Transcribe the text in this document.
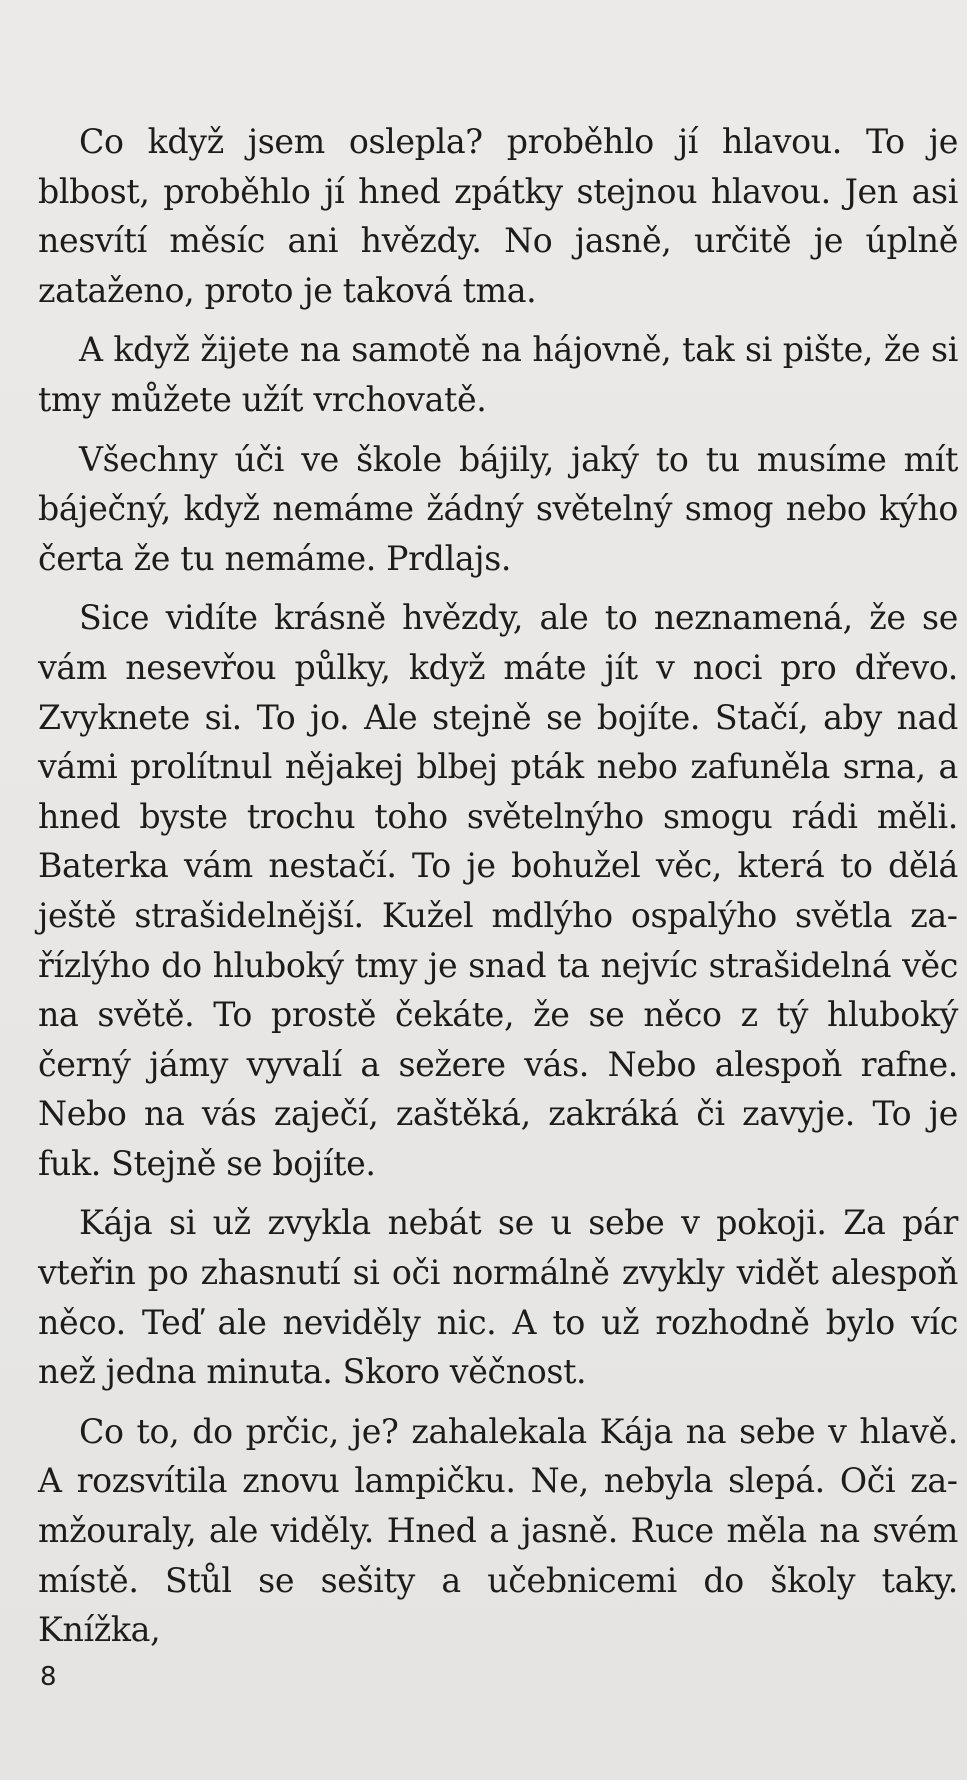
Co když jsem oslepla? proběhlo jí hlavou. To je blbost, proběhlo jí hned zpátky stejnou hlavou. Jen asi nesvítí měsíc ani hvězdy. No jasně, určitě je úplně zataženo, proto je taková tma.

A když žijete na samotě na hájovně, tak si pište, že si tmy můžete užít vrchovatě.

Všechny úči ve škole bájily, jaký to tu musíme mít báječný, když nemáme žádný světelný smog nebo kýho čerta že tu nemáme. Prdlajs.

Sice vidíte krásně hvězdy, ale to neznamená, že se vám nesevřou půlky, když máte jít v noci pro dřevo. Zvyknete si. To jo. Ale stejně se bojíte. Stačí, aby nad vámi prolítnul nějakej blbej pták nebo zafuněla srna, a hned byste trochu toho světelnýho smogu rádi měli. Baterka vám nestačí. To je bohužel věc, která to dělá ještě strašidelnější. Kužel mdlýho ospalýho světla zařízlýho do hluboký tmy je snad ta nejvíc strašidelná věc na světě. To prostě čekáte, že se něco z tý hluboký černý jámy vyvalí a sežere vás. Nebo alespoň rafne. Nebo na vás zaječí, zaštěká, zakráká či zavyje. To je fuk. Stejně se bojíte.

Kája si už zvykla nebát se u sebe v pokoji. Za pár vteřin po zhasnutí si oči normálně zvykly vidět alespoň něco. Teď ale neviděly nic. A to už rozhodně bylo víc než jedna minuta. Skoro věčnost.

Co to, do prčic, je? zahalekala Kája na sebe v hlavě. A rozsvítila znovu lampičku. Ne, nebyla slepá. Oči zamžouraly, ale viděly. Hned a jasně. Ruce měla na svém místě. Stůl se sešity a učebnicemi do školy taky. Knížka,

8
